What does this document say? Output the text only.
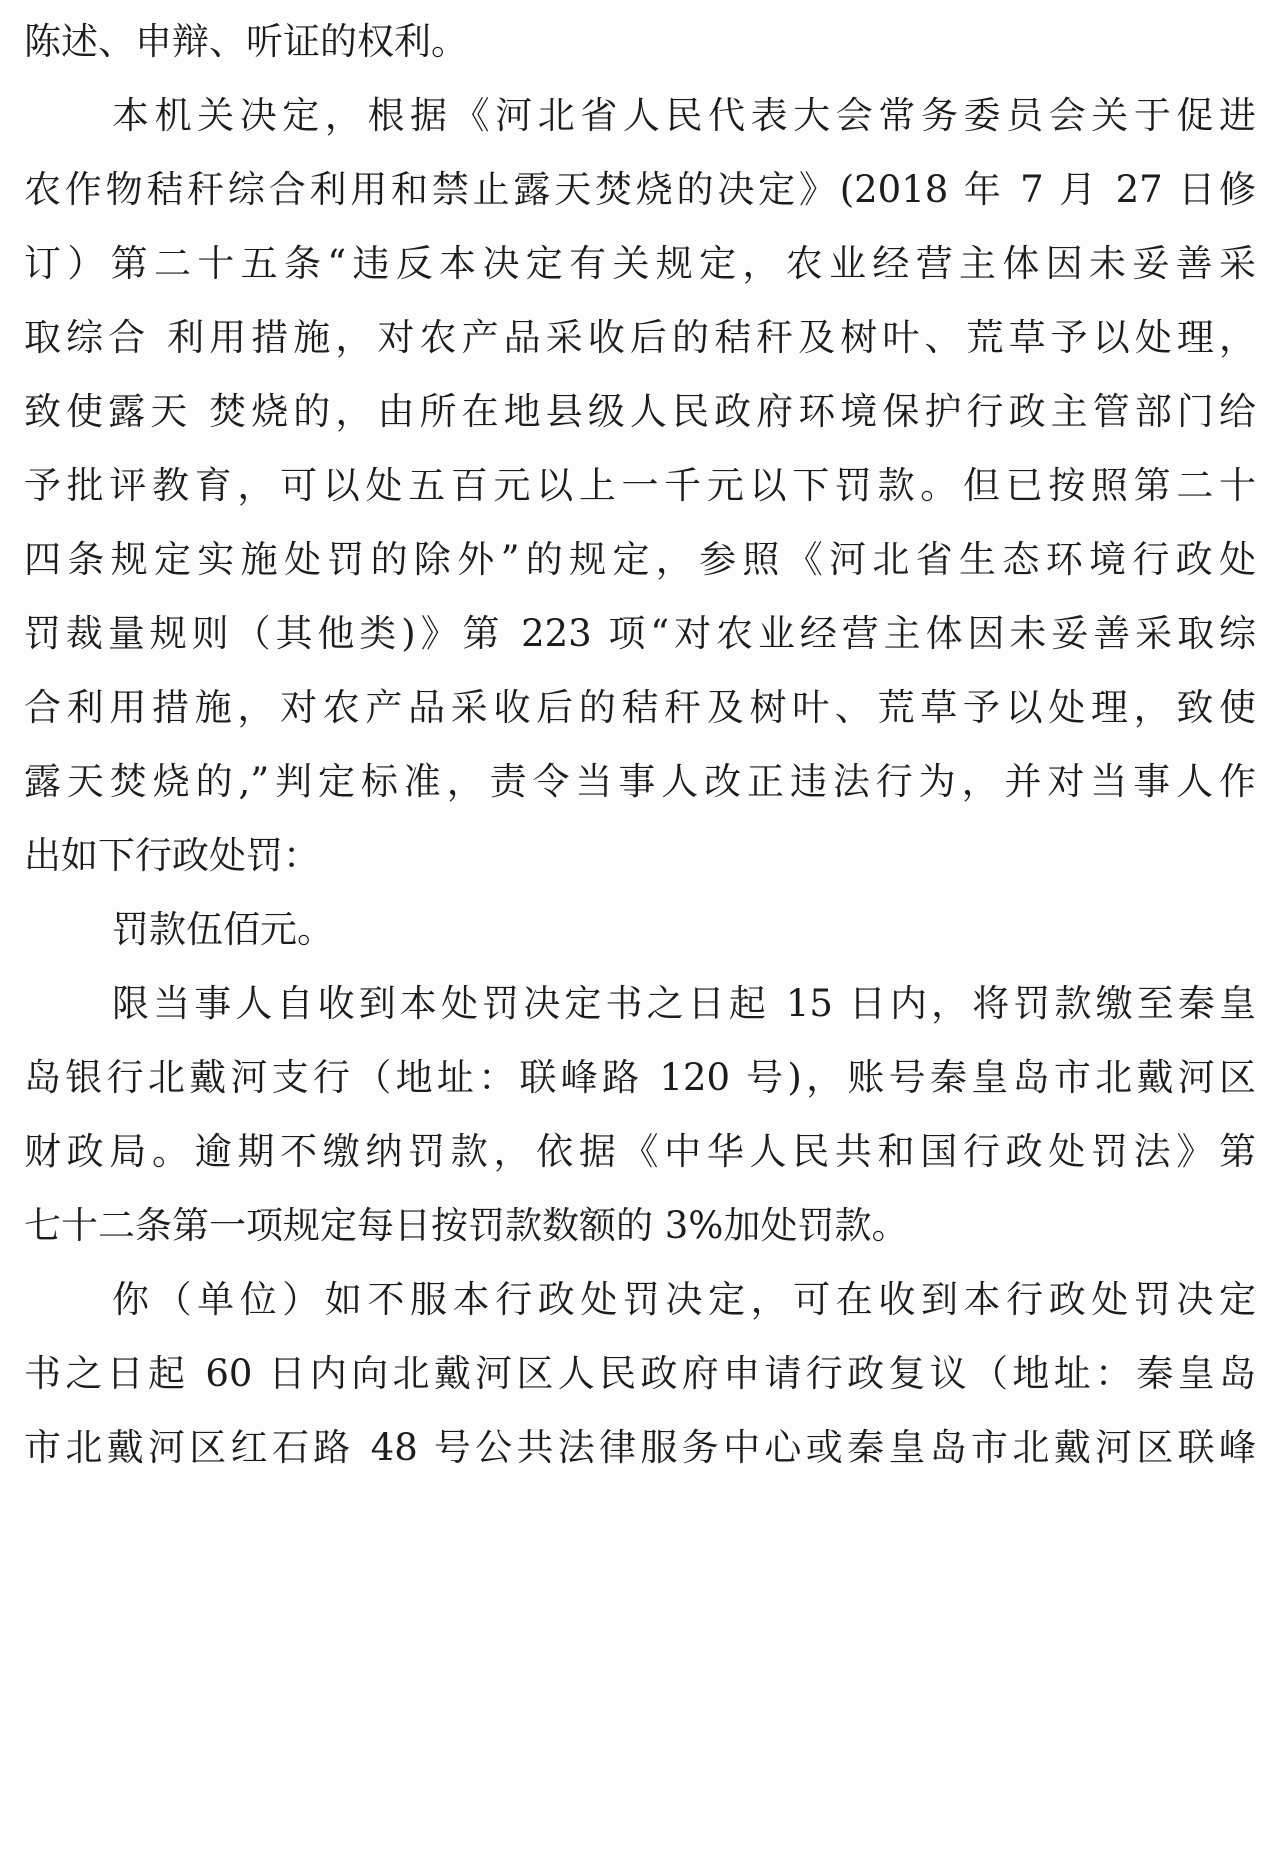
陈述、申辩、听证的权利。
本机关决定，根据《河北省人民代表大会常务委员会关于促进
农作物秸秆综合利用和禁止露天焚烧的决定》(2018 年 7 月 27 日修
订）第二十五条“违反本决定有关规定，农业经营主体因未妥善采
取综合 利用措施，对农产品采收后的秸秆及树叶、荒草予以处理，
致使露天 焚烧的，由所在地县级人民政府环境保护行政主管部门给
予批评教育，可以处五百元以上一千元以下罚款。但已按照第二十
四条规定实施处罚的除外”的规定，参照《河北省生态环境行政处
罚裁量规则（其他类)》第 223 项“对农业经营主体因未妥善采取综
合利用措施，对农产品采收后的秸秆及树叶、荒草予以处理，致使
露天焚烧的,”判定标准，责令当事人改正违法行为，并对当事人作
出如下行政处罚：
罚款伍佰元。
限当事人自收到本处罚决定书之日起 15 日内，将罚款缴至秦皇
岛银行北戴河支行（地址：联峰路 120 号)，账号秦皇岛市北戴河区
财政局。逾期不缴纳罚款，依据《中华人民共和国行政处罚法》第
七十二条第一项规定每日按罚款数额的 3%加处罚款。
你（单位）如不服本行政处罚决定，可在收到本行政处罚决定
书之日起 60 日内向北戴河区人民政府申请行政复议（地址：秦皇岛
市北戴河区红石路 48 号公共法律服务中心或秦皇岛市北戴河区联峰
